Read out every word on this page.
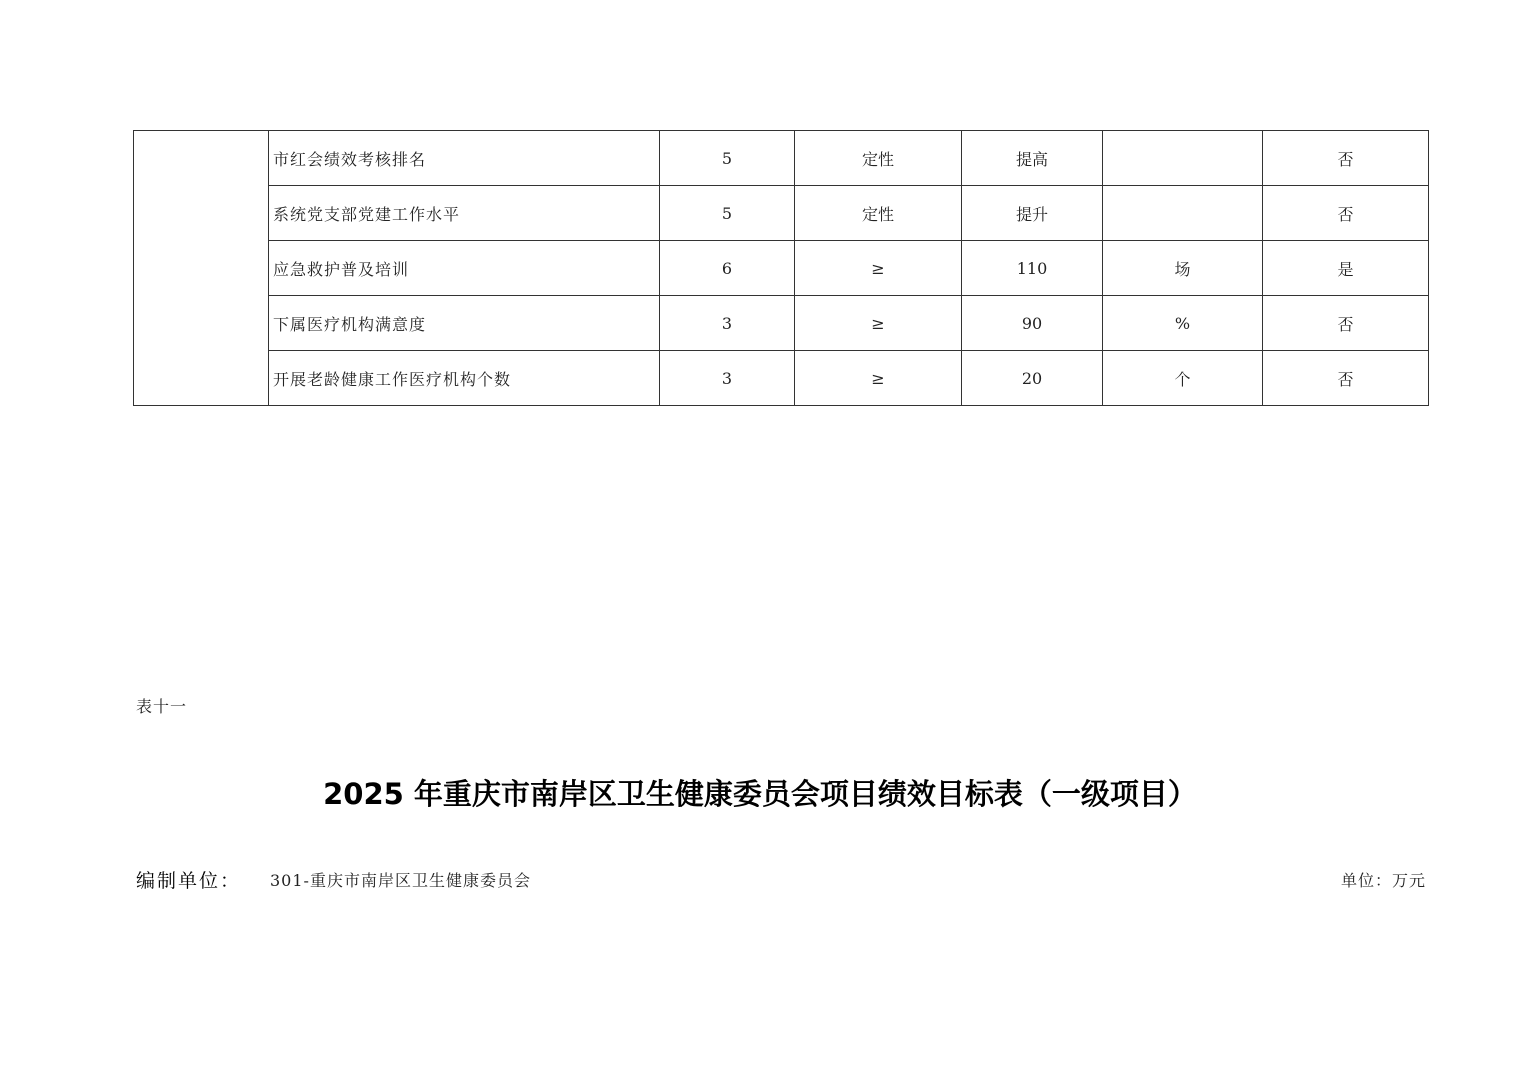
	市红会绩效考核排名	5	定性	提高		否
	系统党支部党建工作水平	5	定性	提升		否
	应急救护普及培训	6	≥	110	场	是
	下属医疗机构满意度	3	≥	90	%	否
	开展老龄健康工作医疗机构个数	3	≥	20	个	否
表十一
2025 年重庆市南岸区卫生健康委员会项目绩效目标表（一级项目）
编制单位： 301-重庆市南岸区卫生健康委员会	单位：万元
